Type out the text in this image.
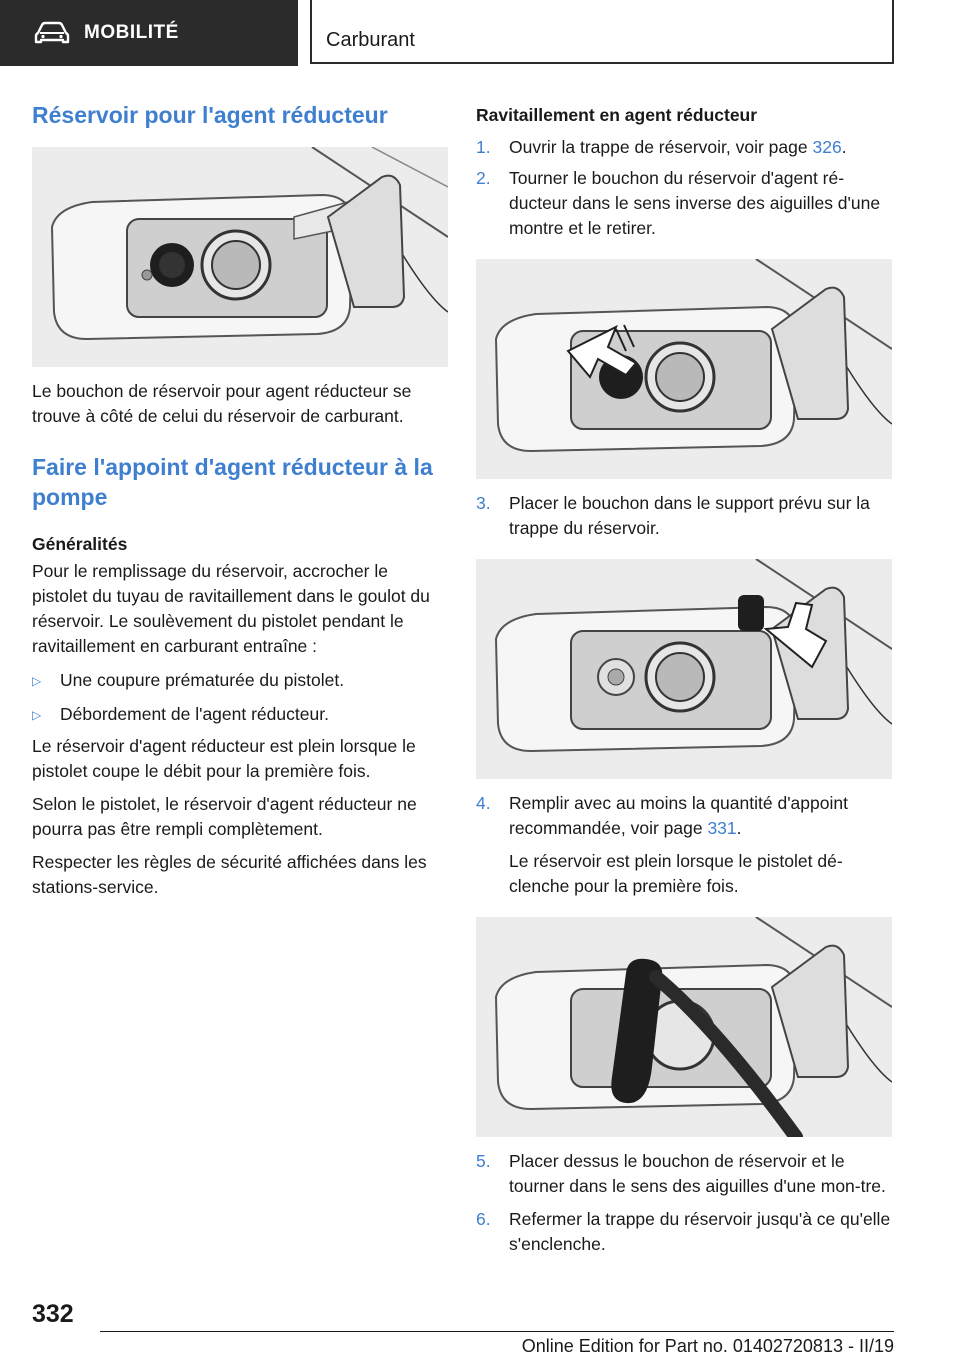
MOBILITÉ	Carburant
Réservoir pour l'agent réducteur

Le bouchon de réservoir pour agent réducteur se trouve à côté de celui du réservoir de carburant.

Faire l'appoint d'agent réducteur à la pompe
Généralités

Pour le remplissage du réservoir, accrocher le pistolet du tuyau de ravitaillement dans le goulot du réservoir. Le soulèvement du pistolet pendant le ravitaillement en carburant entraîne :

▷	Une coupure prématurée du pistolet.
▷	Débordement de l'agent réducteur.

Le réservoir d'agent réducteur est plein lorsque le pistolet coupe le débit pour la première fois.

Selon le pistolet, le réservoir d'agent réducteur ne pourra pas être rempli complètement.

Respecter les règles de sécurité affichées dans les stations-service.

Ravitaillement en agent réducteur
1.	Ouvrir la trappe de réservoir, voir page 326.
2.	Tourner le bouchon du réservoir d'agent ré‐ducteur dans le sens inverse des aiguilles d'une montre et le retirer.
3.	Placer le bouchon dans le support prévu sur la trappe du réservoir.
4.	Remplir avec au moins la quantité d'appoint recommandée, voir page 331.
Le réservoir est plein lorsque le pistolet dé‐clenche pour la première fois.
5.	Placer dessus le bouchon de réservoir et le tourner dans le sens des aiguilles d'une mon‐tre.
6.	Refermer la trappe du réservoir jusqu'à ce qu'elle s'enclenche.
332
Online Edition for Part no. 01402720813 - II/19
